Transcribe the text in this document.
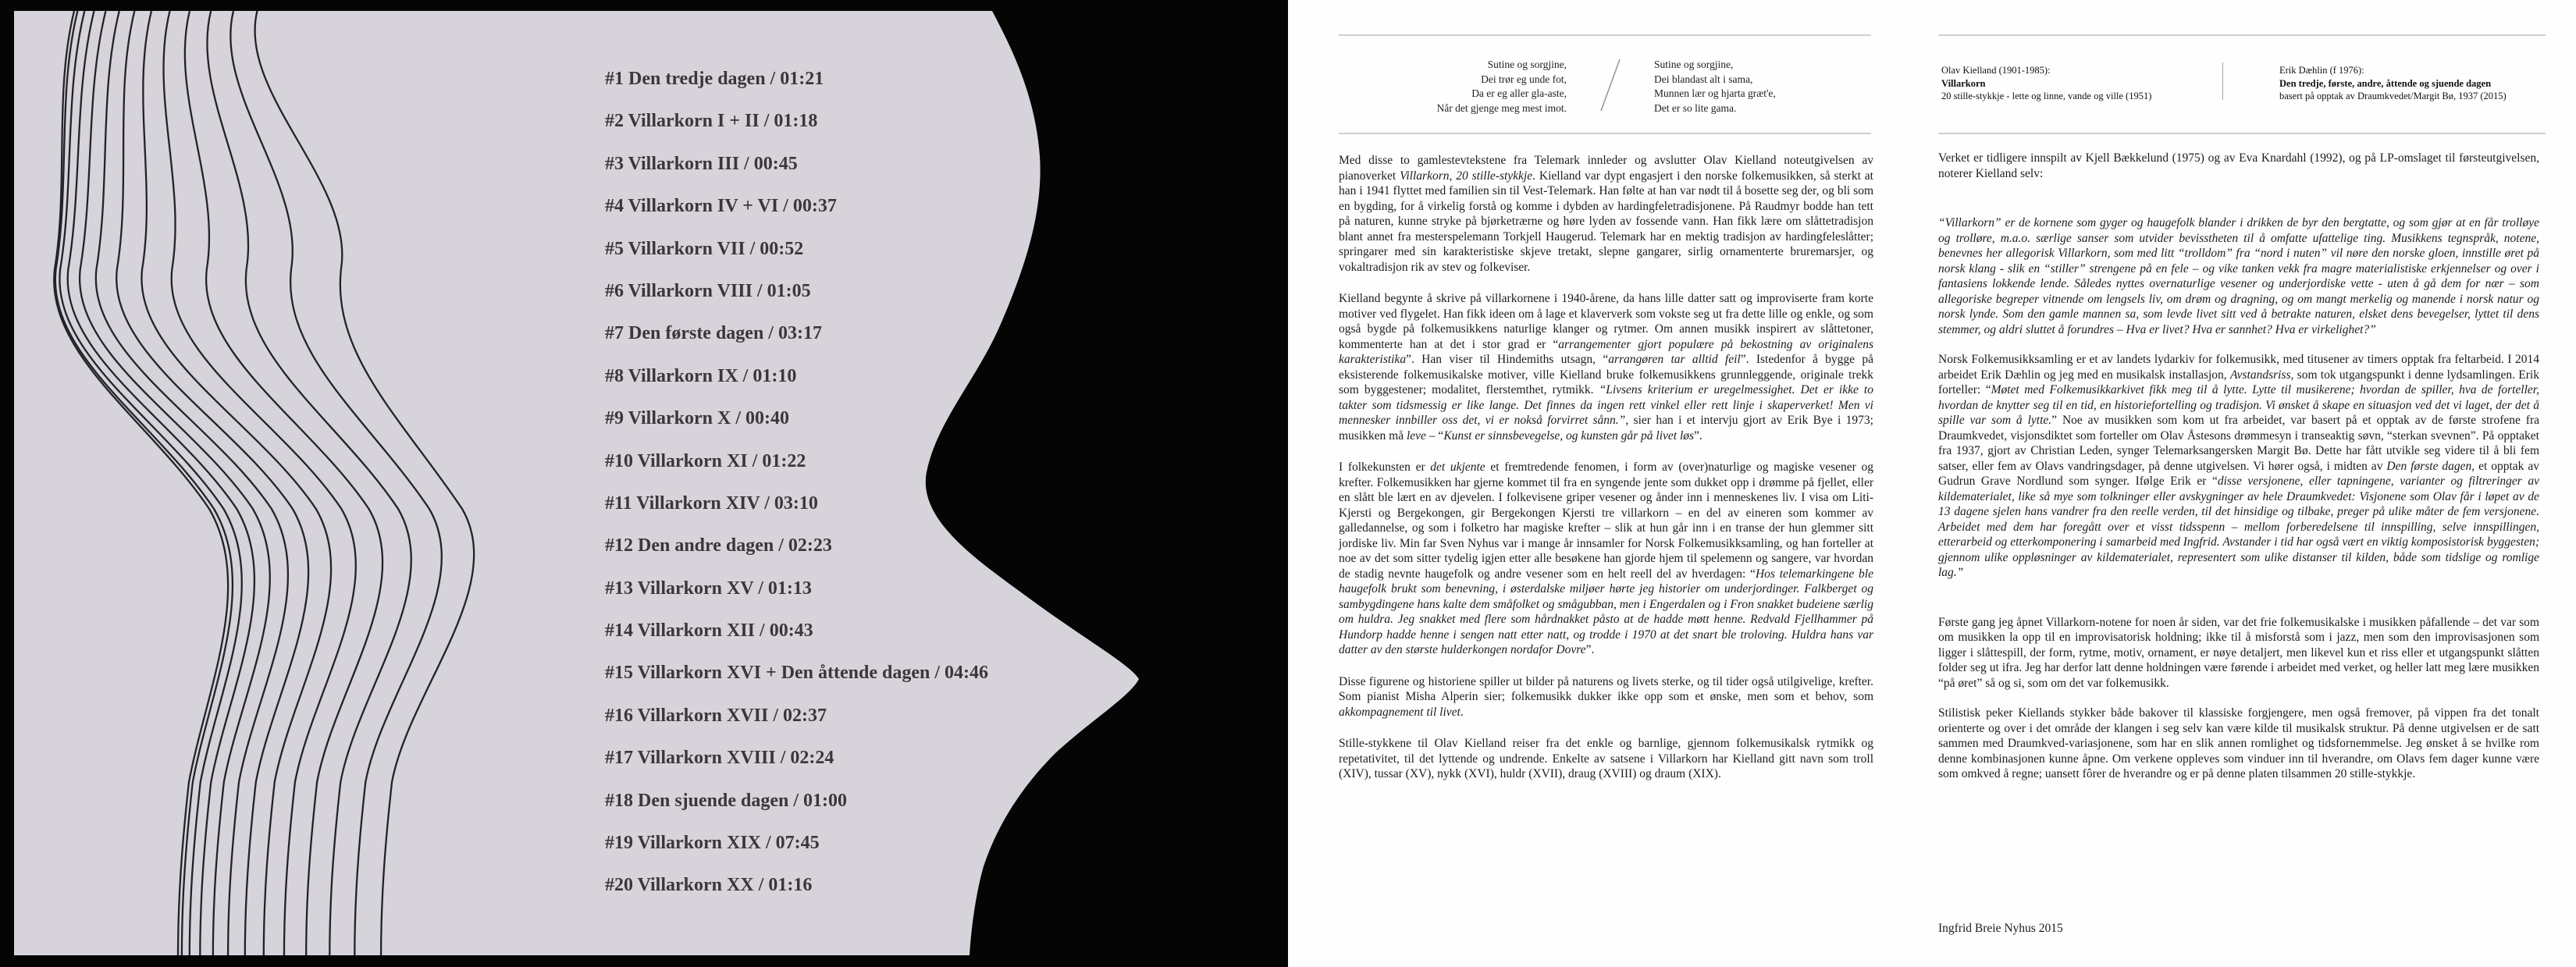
#1 Den tredje dagen / 01:21
#2 Villarkorn I + II / 01:18
#3 Villarkorn III / 00:45
#4 Villarkorn IV + VI / 00:37
#5 Villarkorn VII / 00:52
#6 Villarkorn VIII / 01:05
#7 Den første dagen / 03:17
#8 Villarkorn IX / 01:10
#9 Villarkorn X / 00:40
#10 Villarkorn XI / 01:22
#11 Villarkorn XIV / 03:10
#12 Den andre dagen / 02:23
#13 Villarkorn XV / 01:13
#14 Villarkorn XII / 00:43
#15 Villarkorn XVI + Den åttende dagen / 04:46
#16 Villarkorn XVII / 02:37
#17 Villarkorn XVIII / 02:24
#18 Den sjuende dagen / 01:00
#19 Villarkorn XIX / 07:45
#20 Villarkorn XX / 01:16
Sutine og sorgjine,
Dei trør eg unde fot,
Da er eg aller gla-aste,
Når det gjenge meg mest imot.
Sutine og sorgjine,
Dei blandast alt i sama,
Munnen lær og hjarta græt'e,
Det er so lite gama.
Olav Kielland (1901-1985):
Villarkorn
20 stille-stykkje - lette og linne, vande og ville (1951)
Erik Dæhlin (f 1976):
Den tredje, første, andre, åttende og sjuende dagen
basert på opptak av Draumkvedet/Margit Bø, 1937 (2015)

Med disse to gamlestevtekstene fra Telemark innleder og avslutter Olav Kielland noteutgivelsen av pianoverket Villarkorn, 20 stille-stykkje. Kielland var dypt engasjert i den norske folkemusikken, så sterkt at han i 1941 flyttet med familien sin til Vest-Telemark. Han følte at han var nødt til å bosette seg der, og bli som en bygding, for å virkelig forstå og komme i dybden av hardingfeletradisjonene. På Raudmyr bodde han tett på naturen, kunne stryke på bjørketrærne og høre lyden av fossende vann. Han fikk lære om slåttetradisjon blant annet fra mesterspelemann Torkjell Haugerud. Telemark har en mektig tradisjon av hardingfeleslåtter; springarer med sin karakteristiske skjeve tretakt, slepne gangarer, sirlig ornamenterte bruremarsjer, og vokaltradisjon rik av stev og folkeviser.

Kielland begynte å skrive på villarkornene i 1940-årene, da hans lille datter satt og improviserte fram korte motiver ved flygelet. Han fikk ideen om å lage et klaververk som vokste seg ut fra dette lille og enkle, og som også bygde på folkemusikkens naturlige klanger og rytmer. Om annen musikk inspirert av slåttetoner, kommenterte han at det i stor grad er “arrangementer gjort populære på bekostning av originalens karakteristika”. Han viser til Hindemiths utsagn, “arrangøren tar alltid feil”. Istedenfor å bygge på eksisterende folkemusikalske motiver, ville Kielland bruke folkemusikkens grunnleggende, originale trekk som byggestener; modalitet, flerstemthet, rytmikk. “Livsens kriterium er uregelmessighet. Det er ikke to takter som tidsmessig er like lange. Det finnes da ingen rett vinkel eller rett linje i skaperverket! Men vi mennesker innbiller oss det, vi er nokså forvirret sånn.”, sier han i et intervju gjort av Erik Bye i 1973; musikken må leve – “Kunst er sinnsbevegelse, og kunsten går på livet løs”.

I folkekunsten er det ukjente et fremtredende fenomen, i form av (over)naturlige og magiske vesener og krefter. Folkemusikken har gjerne kommet til fra en syngende jente som dukket opp i drømme på fjellet, eller en slått ble lært en av djevelen. I folkevisene griper vesener og ånder inn i menneskenes liv. I visa om Liti-Kjersti og Bergekongen, gir Bergekongen Kjersti tre villarkorn – en del av eineren som kommer av galledannelse, og som i folketro har magiske krefter – slik at hun går inn i en transe der hun glemmer sitt jordiske liv. Min far Sven Nyhus var i mange år innsamler for Norsk Folkemusikksamling, og han forteller at noe av det som sitter tydelig igjen etter alle besøkene han gjorde hjem til spelemenn og sangere, var hvordan de stadig nevnte haugefolk og andre vesener som en helt reell del av hverdagen: “Hos telemarkingene ble haugefolk brukt som benevning, i østerdalske miljøer hørte jeg historier om underjordinger. Falkberget og sambygdingene hans kalte dem småfolket og smågubban, men i Engerdalen og i Fron snakket budeiene særlig om huldra. Jeg snakket med flere som hårdnakket påsto at de hadde møtt henne. Redvald Fjellhammer på Hundorp hadde henne i sengen natt etter natt, og trodde i 1970 at det snart ble troloving. Huldra hans var datter av den største hulderkongen nordafor Dovre”.

Disse figurene og historiene spiller ut bilder på naturens og livets sterke, og til tider også utilgivelige, krefter. Som pianist Misha Alperin sier; folkemusikk dukker ikke opp som et ønske, men som et behov, som akkompagnement til livet.

Stille-stykkene til Olav Kielland reiser fra det enkle og barnlige, gjennom folkemusikalsk rytmikk og repetativitet, til det lyttende og undrende. Enkelte av satsene i Villarkorn har Kielland gitt navn som troll (XIV), tussar (XV), nykk (XVI), huldr (XVII), draug (XVIII) og draum (XIX).

Verket er tidligere innspilt av Kjell Bækkelund (1975) og av Eva Knardahl (1992), og på LP-omslaget til førsteutgivelsen, noterer Kielland selv:

“Villarkorn” er de kornene som gyger og haugefolk blander i drikken de byr den bergtatte, og som gjør at en får trolløye og trolløre, m.a.o. særlige sanser som utvider bevisstheten til å omfatte ufattelige ting. Musikkens tegnspråk, notene, benevnes her allegorisk Villarkorn, som med litt “trolldom” fra “nord i nuten” vil nøre den norske gloen, innstille øret på norsk klang - slik en “stiller” strengene på en fele – og vike tanken vekk fra magre materialistiske erkjennelser og over i fantasiens lokkende lende. Således nyttes overnaturlige vesener og underjordiske vette - uten å gå dem for nær – som allegoriske begreper vitnende om lengsels liv, om drøm og dragning, og om mangt merkelig og manende i norsk natur og norsk lynde. Som den gamle mannen sa, som levde livet sitt ved å betrakte naturen, elsket dens bevegelser, lyttet til dens stemmer, og aldri sluttet å forundres – Hva er livet? Hva er sannhet? Hva er virkelighet?”

Norsk Folkemusikksamling er et av landets lydarkiv for folkemusikk, med titusener av timers opptak fra feltarbeid. I 2014 arbeidet Erik Dæhlin og jeg med en musikalsk installasjon, Avstandsriss, som tok utgangspunkt i denne lydsamlingen. Erik forteller: “Møtet med Folkemusikkarkivet fikk meg til å lytte. Lytte til musikerene; hvordan de spiller, hva de forteller, hvordan de knytter seg til en tid, en historiefortelling og tradisjon. Vi ønsket å skape en situasjon ved det vi laget, der det å spille var som å lytte.” Noe av musikken som kom ut fra arbeidet, var basert på et opptak av de første strofene fra Draumkvedet, visjonsdiktet som forteller om Olav Åstesons drømmesyn i transeaktig søvn, “sterkan svevnen”. På opptaket fra 1937, gjort av Christian Leden, synger Telemarksangersken Margit Bø. Dette har fått utvikle seg videre til å bli fem satser, eller fem av Olavs vandringsdager, på denne utgivelsen. Vi hører også, i midten av Den første dagen, et opptak av Gudrun Grave Nordlund som synger. Ifølge Erik er “disse versjonene, eller tapningene, varianter og filtreringer av kildematerialet, like så mye som tolkninger eller avskygninger av hele Draumkvedet: Visjonene som Olav får i løpet av de 13 dagene sjelen hans vandrer fra den reelle verden, til det hinsidige og tilbake, preger på ulike måter de fem versjonene. Arbeidet med dem har foregått over et visst tidsspenn – mellom forberedelsene til innspilling, selve innspillingen, etterarbeid og etterkomponering i samarbeid med Ingfrid. Avstander i tid har også vært en viktig komposistorisk byggesten; gjennom ulike oppløsninger av kildematerialet, representert som ulike distanser til kilden, både som tidslige og romlige lag.”

Første gang jeg åpnet Villarkorn-notene for noen år siden, var det frie folkemusikalske i musikken påfallende – det var som om musikken la opp til en improvisatorisk holdning; ikke til å misforstå som i jazz, men som den improvisasjonen som ligger i slåttespill, der form, rytme, motiv, ornament, er nøye detaljert, men likevel kun et riss eller et utgangspunkt slåtten folder seg ut ifra. Jeg har derfor latt denne holdningen være førende i arbeidet med verket, og heller latt meg lære musikken “på øret” så og si, som om det var folkemusikk.

Stilistisk peker Kiellands stykker både bakover til klassiske forgjengere, men også fremover, på vippen fra det tonalt orienterte og over i det område der klangen i seg selv kan være kilde til musikalsk struktur. På denne utgivelsen er de satt sammen med Draumkved-variasjonene, som har en slik annen romlighet og tidsfornemmelse. Jeg ønsket å se hvilke rom denne kombinasjonen kunne åpne. Om verkene oppleves som vinduer inn til hverandre, om Olavs fem dager kunne være som omkved å regne; uansett fôrer de hverandre og er på denne platen tilsammen 20 stille-stykkje.

Ingfrid Breie Nyhus 2015
